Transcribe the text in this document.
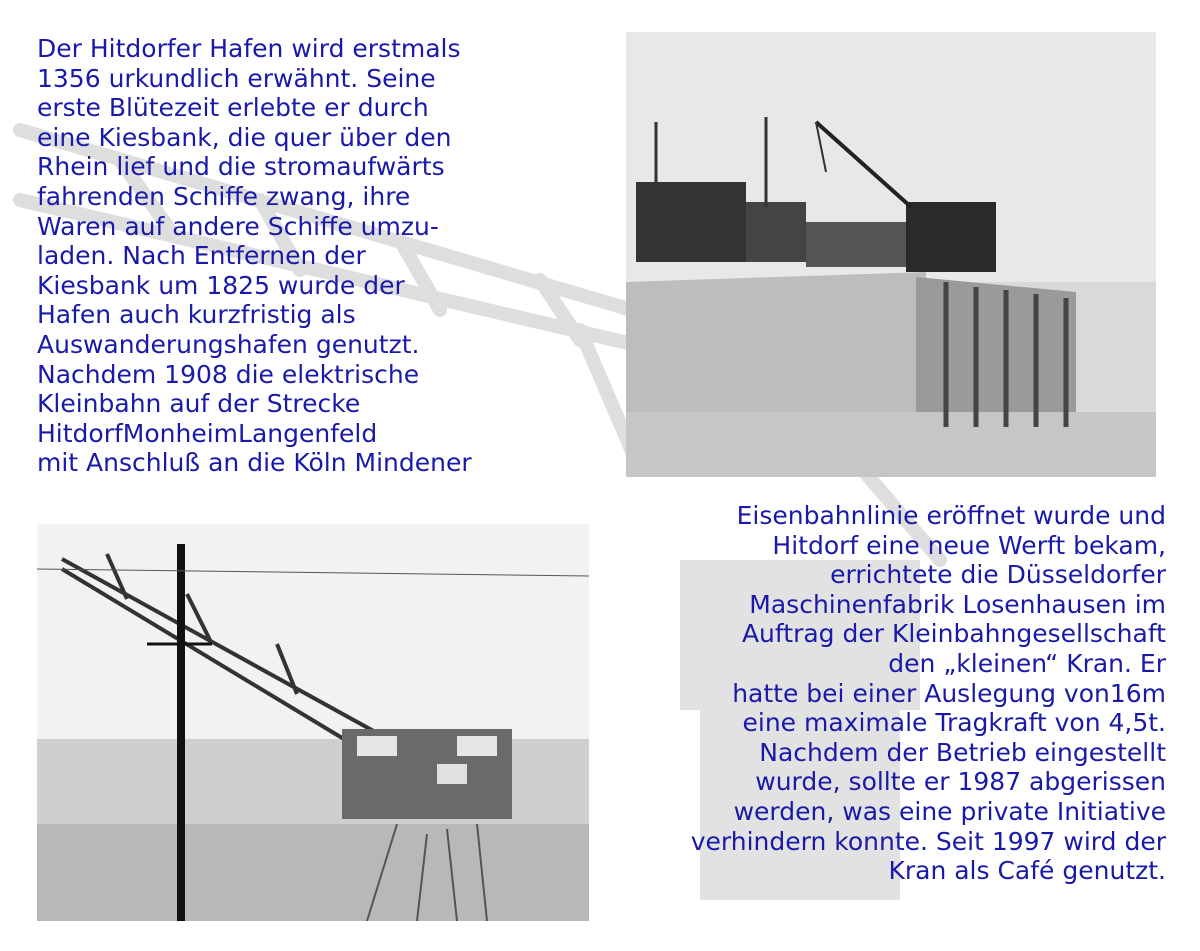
Der Hitdorfer Hafen wird erstmals
1356 urkundlich erwähnt. Seine
erste Blütezeit erlebte er durch
eine Kiesbank, die quer über den
Rhein lief und die stromaufwärts
fahrenden Schiffe zwang, ihre
Waren auf andere Schiffe umzu-
laden. Nach Entfernen der
Kiesbank um 1825 wurde der
Hafen auch kurzfristig als
Auswanderungshafen genutzt.
Nachdem 1908 die elektrische
Kleinbahn auf der Strecke
HitdorfMonheimLangenfeld
mit Anschluß an die Köln Mindener

Eisenbahnlinie eröffnet wurde und
Hitdorf eine neue Werft bekam,
errichtete die Düsseldorfer
Maschinenfabrik Losenhausen im
Auftrag der Kleinbahngesellschaft
den „kleinen“ Kran. Er
hatte bei einer Auslegung von16m
eine maximale Tragkraft von 4,5t.
Nachdem der Betrieb eingestellt
wurde, sollte er 1987 abgerissen
werden, was eine private Initiative
verhindern konnte. Seit 1997 wird der
Kran als Café genutzt.
